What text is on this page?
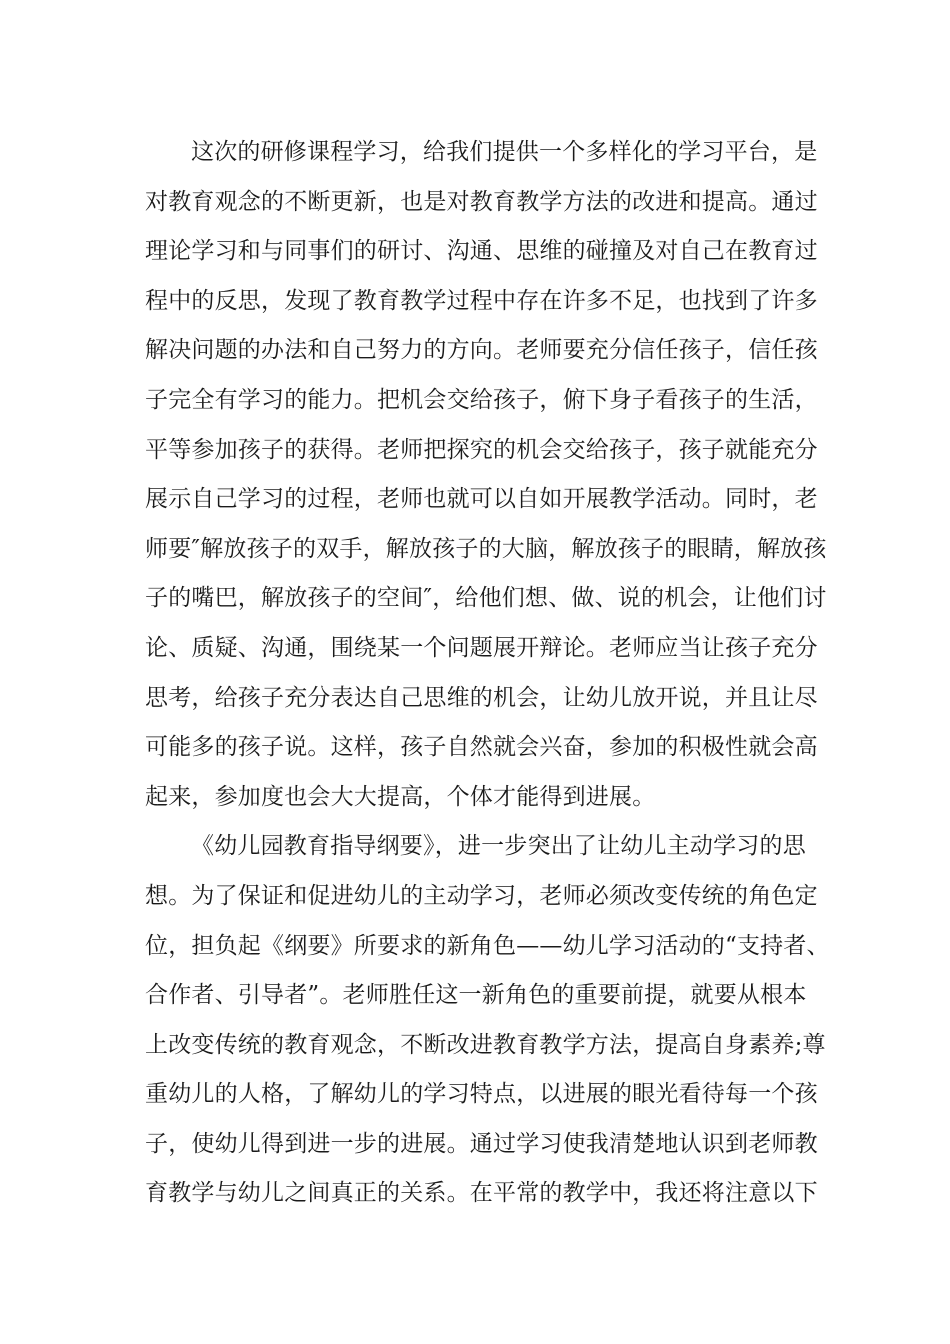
这次的研修课程学习，给我们提供一个多样化的学习平台，是
对教育观念的不断更新，也是对教育教学方法的改进和提高。通过
理论学习和与同事们的研讨、沟通、思维的碰撞及对自己在教育过
程中的反思，发现了教育教学过程中存在许多不足，也找到了许多
解决问题的办法和自己努力的方向。老师要充分信任孩子，信任孩
子完全有学习的能力。把机会交给孩子，俯下身子看孩子的生活，
平等参加孩子的获得。老师把探究的机会交给孩子，孩子就能充分
展示自己学习的过程，老师也就可以自如开展教学活动。同时，老
师要″解放孩子的双手，解放孩子的大脑，解放孩子的眼睛，解放孩
子的嘴巴，解放孩子的空间″，给他们想、做、说的机会，让他们讨
论、质疑、沟通，围绕某一个问题展开辩论。老师应当让孩子充分
思考，给孩子充分表达自己思维的机会，让幼儿放开说，并且让尽
可能多的孩子说。这样，孩子自然就会兴奋，参加的积极性就会高
起来，参加度也会大大提高，个体才能得到进展。
《幼儿园教育指导纲要》，进一步突出了让幼儿主动学习的思
想。为了保证和促进幼儿的主动学习，老师必须改变传统的角色定
位，担负起《纲要》所要求的新角色——幼儿学习活动的“支持者、
合作者、引导者”。老师胜任这一新角色的重要前提，就要从根本
上改变传统的教育观念，不断改进教育教学方法，提高自身素养;尊
重幼儿的人格，了解幼儿的学习特点，以进展的眼光看待每一个孩
子，使幼儿得到进一步的进展。通过学习使我清楚地认识到老师教
育教学与幼儿之间真正的关系。在平常的教学中，我还将注意以下
